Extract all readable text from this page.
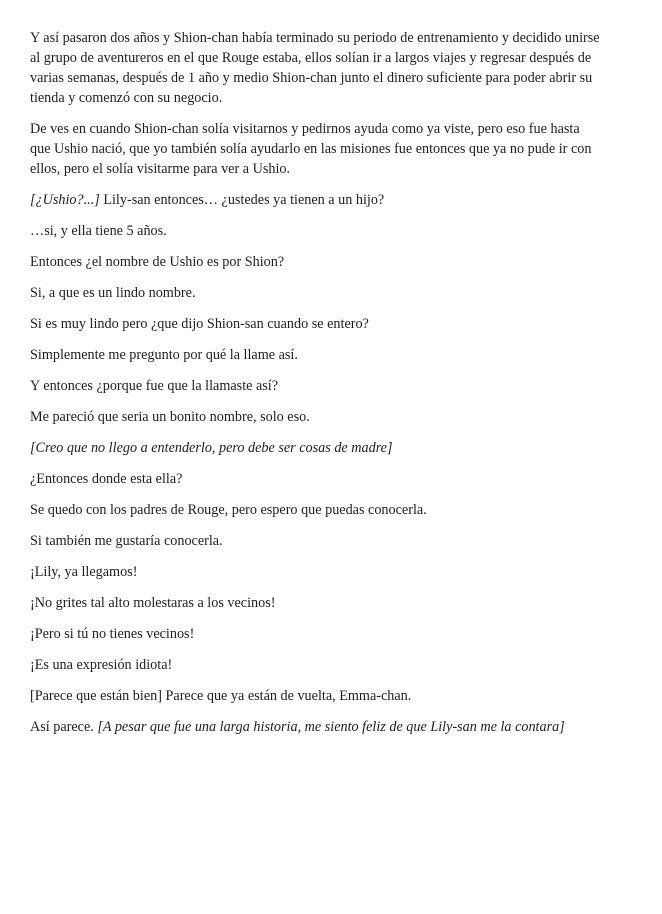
Y así pasaron dos años y Shion-chan había terminado su periodo de entrenamiento y decidido unirse
al grupo de aventureros en el que Rouge estaba, ellos solían ir a largos viajes y regresar después de
varias semanas, después de 1 año y medio Shion-chan junto el dinero suficiente para poder abrir su
tienda y comenzó con su negocio.

De ves en cuando Shion-chan solía visitarnos y pedirnos ayuda como ya viste, pero eso fue hasta
que Ushio nació, que yo también solía ayudarlo en las misiones fue entonces que ya no pude ir con
ellos, pero el solía visitarme para ver a Ushio.

[¿Ushio?...] Lily-san entonces… ¿ustedes ya tienen a un hijo?

…si, y ella tiene 5 años.

Entonces ¿el nombre de Ushio es por Shion?

Si, a que es un lindo nombre.

Si es muy lindo pero ¿que dijo Shion-san cuando se entero?

Simplemente me pregunto por qué la llame así.

Y entonces ¿porque fue que la llamaste así?

Me pareció que seria un bonito nombre, solo eso.

[Creo que no llego a entenderlo, pero debe ser cosas de madre]

¿Entonces donde esta ella?

Se quedo con los padres de Rouge, pero espero que puedas conocerla.

Si también me gustaría conocerla.

¡Lily, ya llegamos!

¡No grites tal alto molestaras a los vecinos!

¡Pero si tú no tienes vecinos!

¡Es una expresión idiota!

[Parece que están bien] Parece que ya están de vuelta, Emma-chan.

Así parece. [A pesar que fue una larga historia, me siento feliz de que Lily-san me la contara]
